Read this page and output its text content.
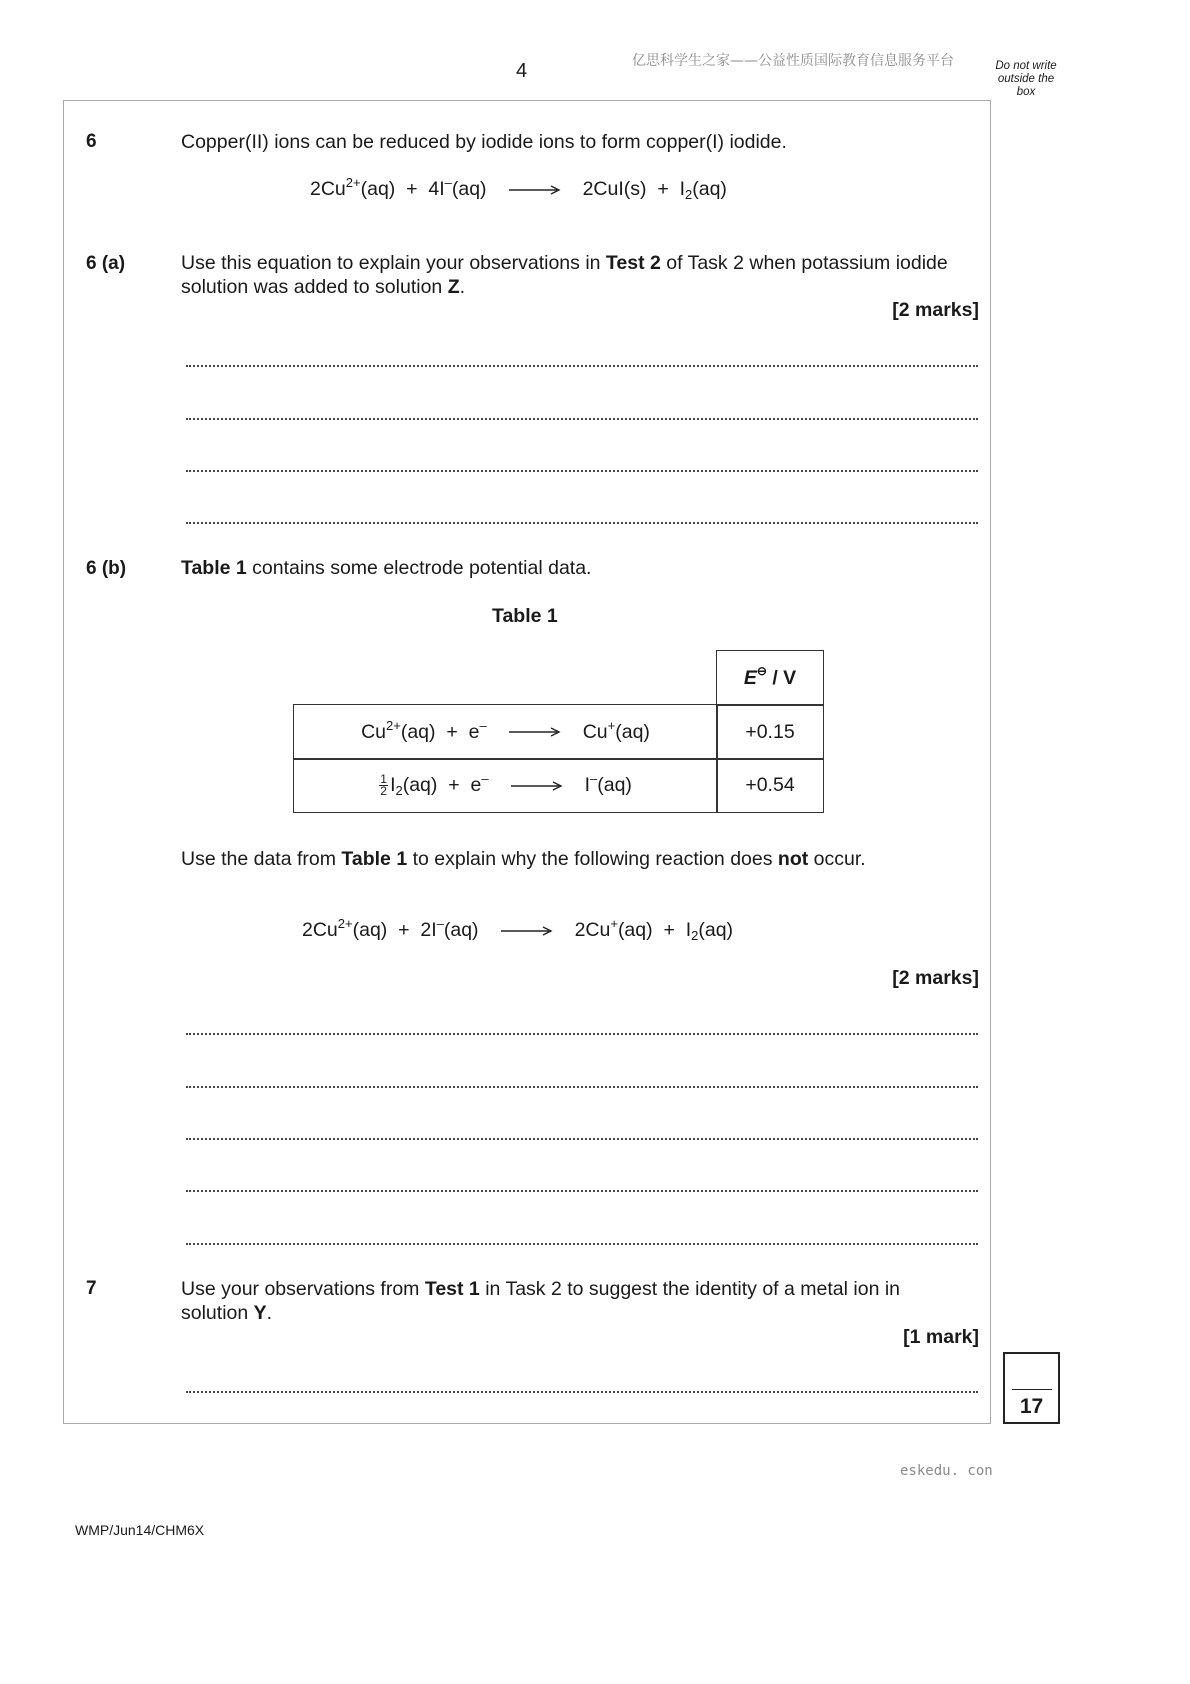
4	亿思科学生之家——公益性质国际教育信息服务平台	Do not write outside the box
6	Copper(II) ions can be reduced by iodide ions to form copper(I) iodide.
$2Cu^{2+}(aq) + 4I^-(aq) \to 2CuI(s) + I_2(aq)$
6 (a)	Use this equation to explain your observations in Test 2 of Task 2 when potassium iodide solution was added to solution Z.
[2 marks]
6 (b)	Table 1 contains some electrode potential data.
Table 1
E⊖ / V
$Cu^{2+}(aq) + e^- \to Cu^+(aq)$	+0.15
$\frac{1}{2} I_2(aq) + e^- \to I^-(aq)$	+0.54
Use the data from Table 1 to explain why the following reaction does not occur.
$2Cu^{2+}(aq) + 2I^-(aq) \to 2Cu^+(aq) + I_2(aq)$
[2 marks]
7	Use your observations from Test 1 in Task 2 to suggest the identity of a metal ion in solution Y.
[1 mark]
17
eskedu. con
WMP/Jun14/CHM6X
